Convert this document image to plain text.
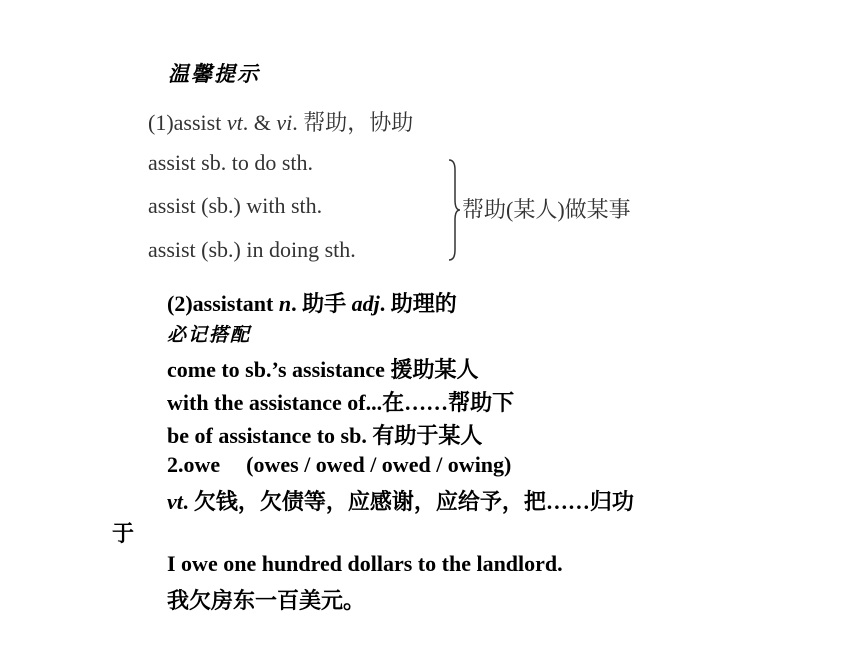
温馨提示
(1)assist vt. & vi. 帮助，协助
assist sb. to do sth.
assist (sb.) with sth.
assist (sb.) in doing sth.
帮助(某人)做某事
(2)assistant n. 助手 adj. 助理的
必记搭配
come to sb.’s assistance 援助某人
with the assistance of...在……帮助下
be of assistance to sb. 有助于某人
2.owe (owes / owed / owed / owing)
vt. 欠钱，欠债等，应感谢，应给予，把……归功
于
I owe one hundred dollars to the landlord.
我欠房东一百美元。
